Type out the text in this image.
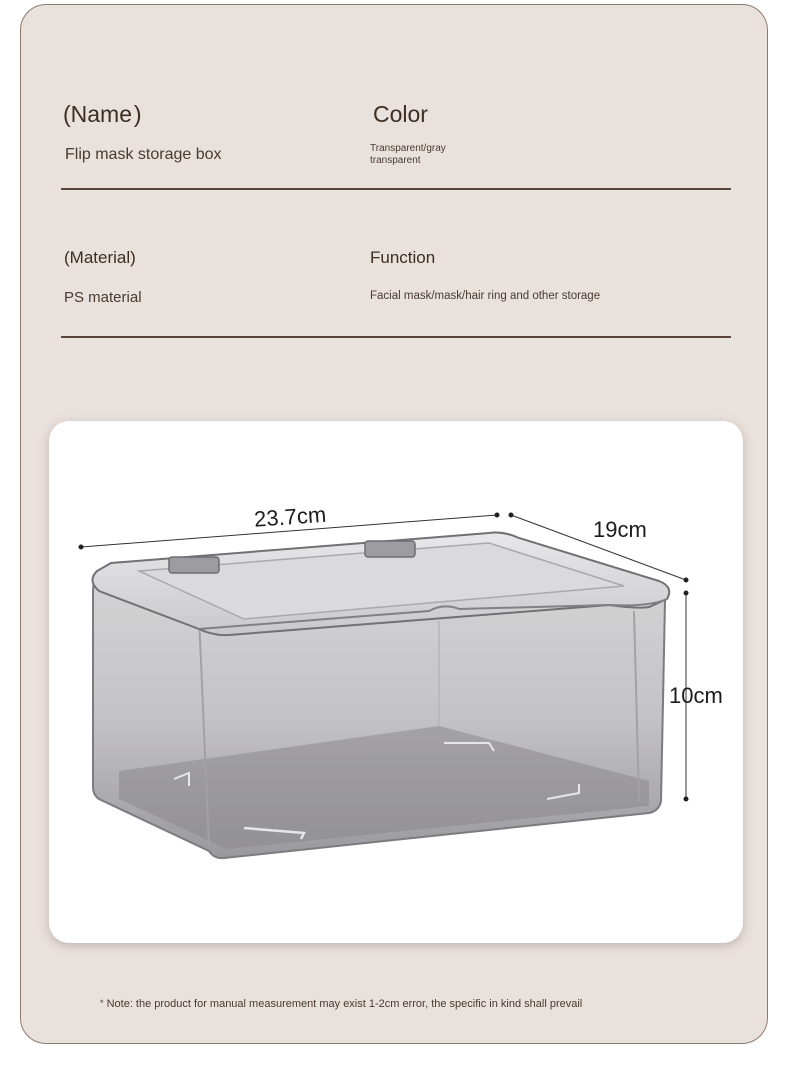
(Name )
Flip mask storage box
Color
Transparent/gray transparent
(Material)
PS material
Function
Facial mask/mask/hair ring and other storage
23.7cm	19cm
10cm
* Note: the product for manual measurement may exist 1-2cm error, the specific in kind shall prevail
